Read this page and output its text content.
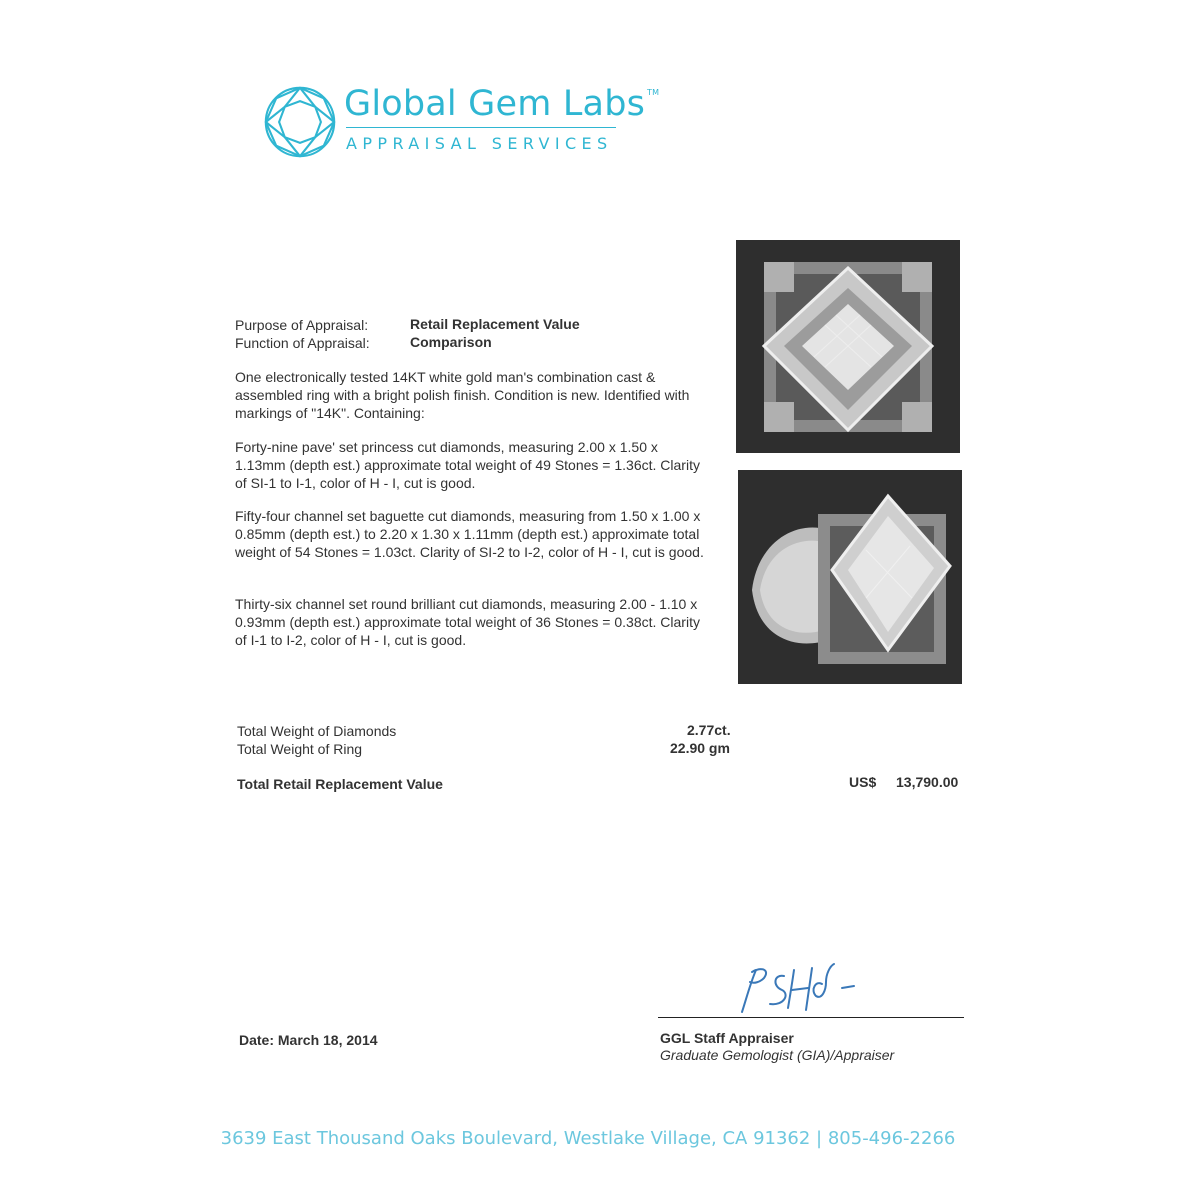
Global Gem Labs ™
APPRAISAL SERVICES
Purpose of Appraisal:	Retail Replacement Value
Function of Appraisal:	Comparison
One electronically tested 14KT white gold man's combination cast & assembled ring with a bright polish finish. Condition is new. Identified with markings of "14K". Containing:
Forty-nine pave' set princess cut diamonds, measuring 2.00 x 1.50 x 1.13mm (depth est.) approximate total weight of 49 Stones = 1.36ct. Clarity of SI-1 to I-1, color of H - I, cut is good.
Fifty-four channel set baguette cut diamonds, measuring from 1.50 x 1.00 x 0.85mm (depth est.) to 2.20 x 1.30 x 1.11mm (depth est.) approximate total weight of 54 Stones = 1.03ct. Clarity of SI-2 to I-2, color of H - I, cut is good.
Thirty-six channel set round brilliant cut diamonds, measuring 2.00 - 1.10 x 0.93mm (depth est.) approximate total weight of 36 Stones = 0.38ct. Clarity of I-1 to I-2, color of H - I, cut is good.
Total Weight of Diamonds	2.77ct.
Total Weight of Ring	22.90 gm
Total Retail Replacement Value	US$ 13,790.00
Date: March 18, 2014	GGL Staff Appraiser
Graduate Gemologist (GIA)/Appraiser
3639 East Thousand Oaks Boulevard, Westlake Village, CA 91362 | 805-496-2266
